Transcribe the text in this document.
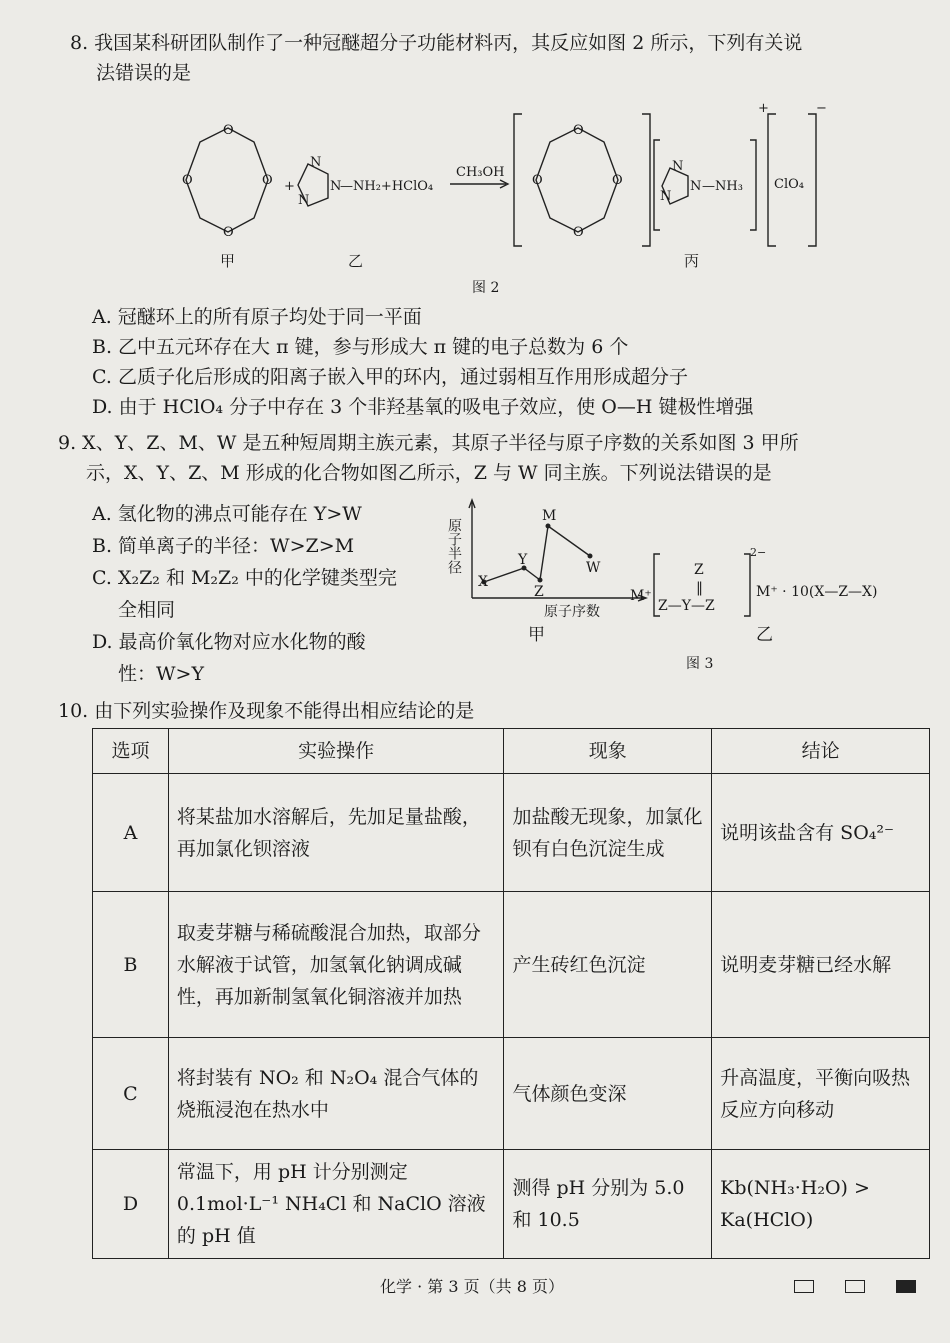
8. 我国某科研团队制作了一种冠醚超分子功能材料丙，其反应如图 2 所示，下列有关说
法错误的是
O
O	O
O
+
N
N
N
—NH₂+HClO₄
CH₃OH
O
O	O
O
N
N
N —NH₃
+
ClO₄
−
甲	乙	丙
图 2
A. 冠醚环上的所有原子均处于同一平面
B. 乙中五元环存在大 π 键，参与形成大 π 键的电子总数为 6 个
C. 乙质子化后形成的阳离子嵌入甲的环内，通过弱相互作用形成超分子
D. 由于 HClO₄ 分子中存在 3 个非羟基氧的吸电子效应，使 O—H 键极性增强
9. X、Y、Z、M、W 是五种短周期主族元素，其原子半径与原子序数的关系如图 3 甲所
示，X、Y、Z、M 形成的化合物如图乙所示，Z 与 W 同主族。下列说法错误的是
A. 氢化物的沸点可能存在 Y>W
B. 简单离子的半径：W>Z>M
C. X₂Z₂ 和 M₂Z₂ 中的化学键类型完
全相同
D. 最高价氧化物对应水化物的酸
性：W>Y
原子半径
X
Y
Z
M
W
原子序数
甲
M⁺
Z
‖
Z—Y—Z
2−
M⁺ · 10(X—Z—X)
乙
图 3
10. 由下列实验操作及现象不能得出相应结论的是
选项	实验操作	现象	结论
A	将某盐加水溶解后，先加足量盐酸，再加氯化钡溶液	加盐酸无现象，加氯化钡有白色沉淀生成	说明该盐含有 SO₄²⁻
B	取麦芽糖与稀硫酸混合加热，取部分水解液于试管，加氢氧化钠调成碱性，再加新制氢氧化铜溶液并加热	产生砖红色沉淀	说明麦芽糖已经水解
C	将封装有 NO₂ 和 N₂O₄ 混合气体的烧瓶浸泡在热水中	气体颜色变深	升高温度，平衡向吸热反应方向移动
D	常温下，用 pH 计分别测定 0.1mol·L⁻¹ NH₄Cl 和 NaClO 溶液的 pH 值	测得 pH 分别为 5.0 和 10.5	Kb(NH₃·H₂O) > Ka(HClO)
化学 · 第 3 页（共 8 页）
